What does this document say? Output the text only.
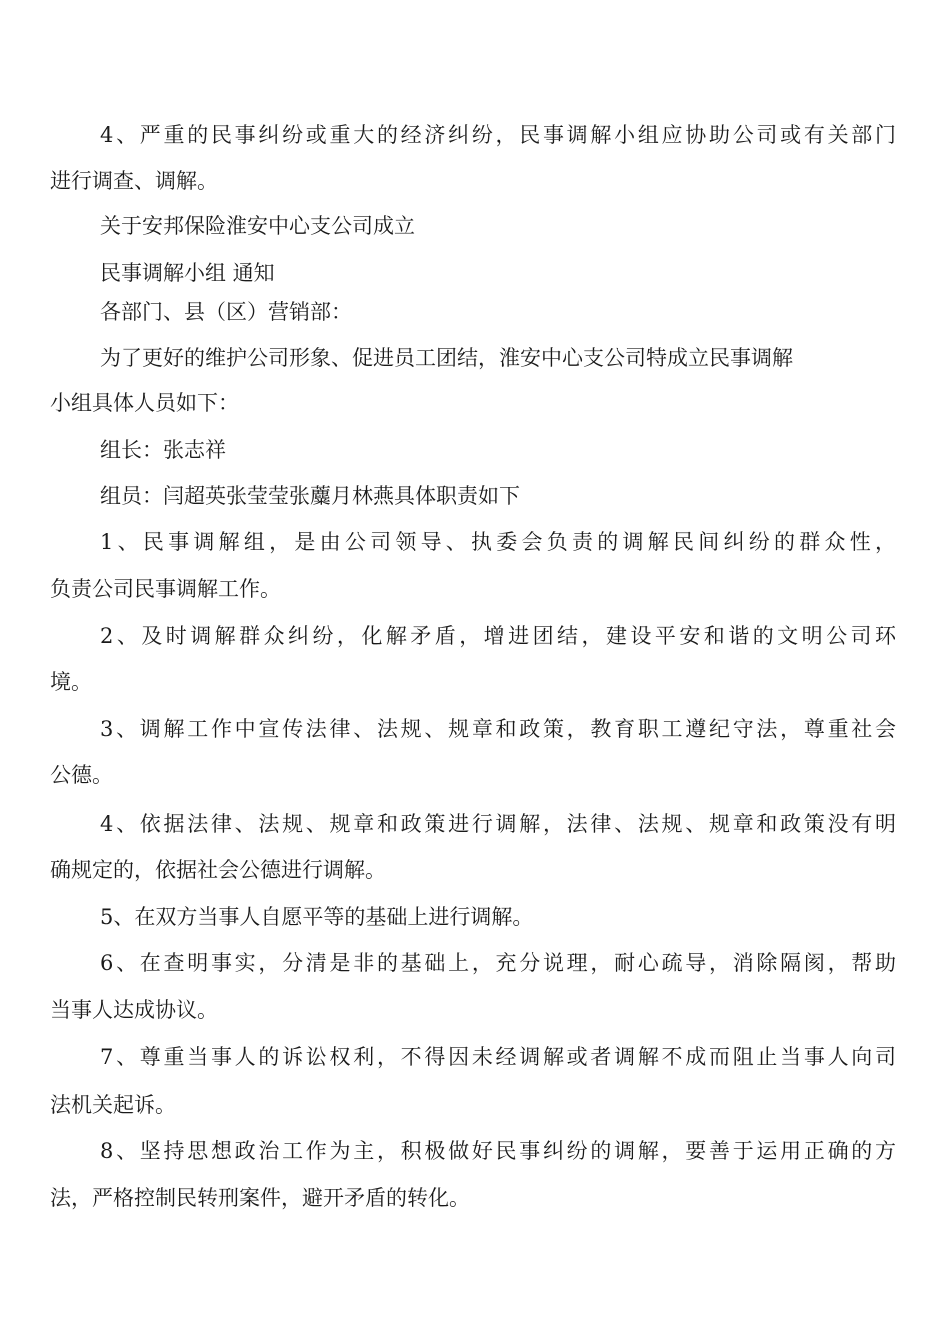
4、严重的民事纠纷或重大的经济纠纷，民事调解小组应协助公司或有关部门
进行调查、调解。
关于安邦保险淮安中心支公司成立
民事调解小组 通知
各部门、县（区）营销部：
为了更好的维护公司形象、促进员工团结，淮安中心支公司特成立民事调解
小组具体人员如下：
组长：张志祥
组员：闫超英张莹莹张蘪月林燕具体职责如下
1、民事调解组，是由公司领导、执委会负责的调解民间纠纷的群众性，
负责公司民事调解工作。
2、及时调解群众纠纷，化解矛盾，增进团结，建设平安和谐的文明公司环
境。
3、调解工作中宣传法律、法规、规章和政策，教育职工遵纪守法，尊重社会
公德。
4、依据法律、法规、规章和政策进行调解，法律、法规、规章和政策没有明
确规定的，依据社会公德进行调解。
5、在双方当事人自愿平等的基础上进行调解。
6、在查明事实，分清是非的基础上，充分说理，耐心疏导，消除隔阂，帮助
当事人达成协议。
7、尊重当事人的诉讼权利，不得因未经调解或者调解不成而阻止当事人向司
法机关起诉。
8、坚持思想政治工作为主，积极做好民事纠纷的调解，要善于运用正确的方
法，严格控制民转刑案件，避开矛盾的转化。
